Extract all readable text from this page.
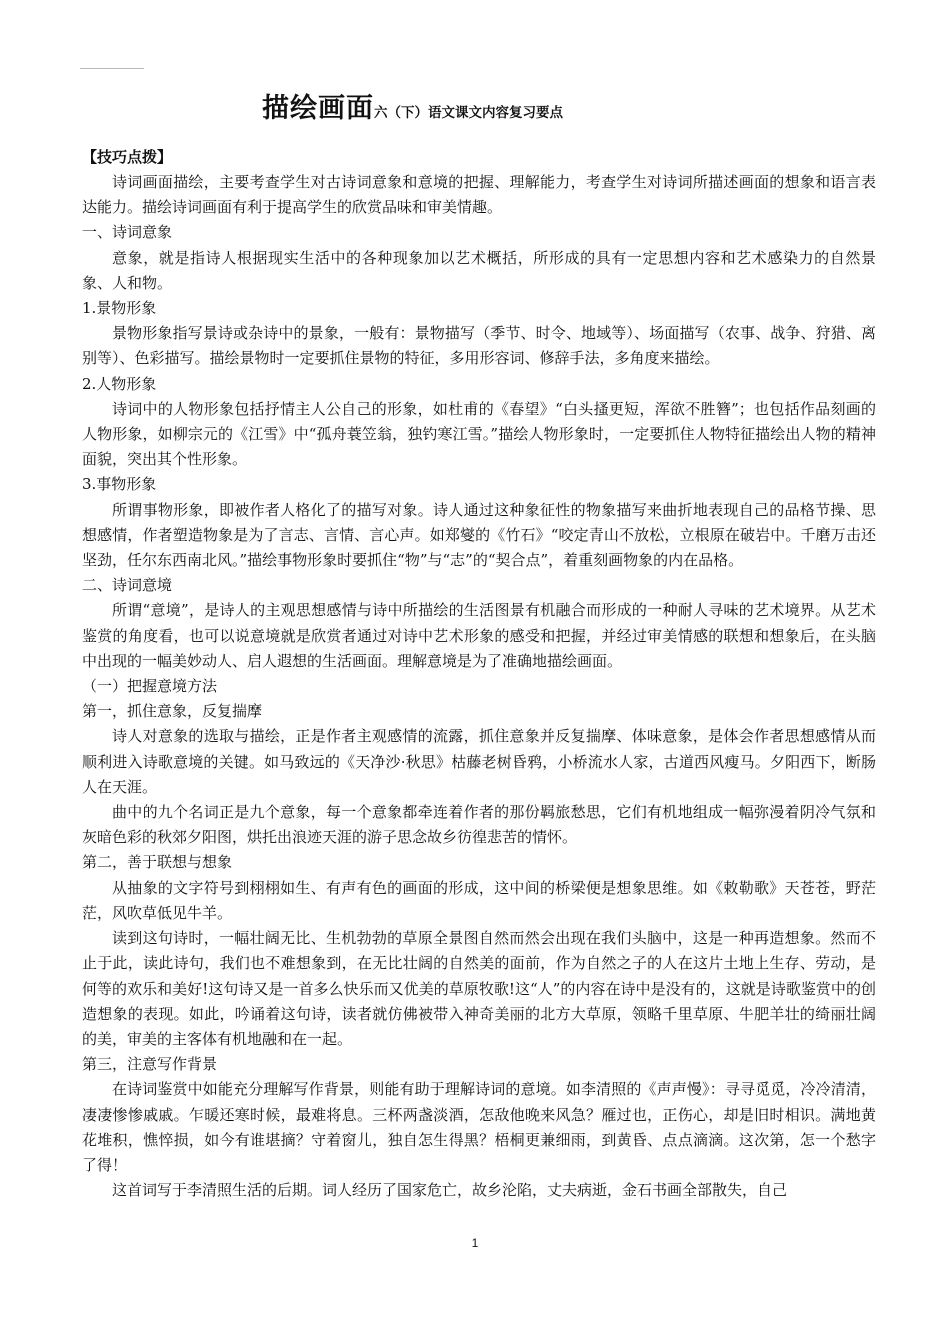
描绘画面六（下）语文课文内容复习要点
【技巧点拨】

诗词画面描绘，主要考查学生对古诗词意象和意境的把握、理解能力，考查学生对诗词所描述画面的想象和语言表达能力。描绘诗词画面有利于提高学生的欣赏品味和审美情趣。

一、诗词意象

意象，就是指诗人根据现实生活中的各种现象加以艺术概括，所形成的具有一定思想内容和艺术感染力的自然景象、人和物。

1.景物形象

景物形象指写景诗或杂诗中的景象，一般有：景物描写（季节、时令、地域等）、场面描写（农事、战争、狩猎、离别等）、色彩描写。描绘景物时一定要抓住景物的特征，多用形容词、修辞手法，多角度来描绘。

2.人物形象

诗词中的人物形象包括抒情主人公自己的形象，如杜甫的《春望》“白头搔更短，浑欲不胜簪”；也包括作品刻画的人物形象，如柳宗元的《江雪》中“孤舟蓑笠翁，独钓寒江雪。”描绘人物形象时，一定要抓住人物特征描绘出人物的精神面貌，突出其个性形象。

3.事物形象

所谓事物形象，即被作者人格化了的描写对象。诗人通过这种象征性的物象描写来曲折地表现自己的品格节操、思想感情，作者塑造物象是为了言志、言情、言心声。如郑燮的《竹石》“咬定青山不放松，立根原在破岩中。千磨万击还坚劲，任尔东西南北风。”描绘事物形象时要抓住“物”与“志”的“契合点”，着重刻画物象的内在品格。

二、诗词意境

所谓“意境”，是诗人的主观思想感情与诗中所描绘的生活图景有机融合而形成的一种耐人寻味的艺术境界。从艺术鉴赏的角度看，也可以说意境就是欣赏者通过对诗中艺术形象的感受和把握，并经过审美情感的联想和想象后，在头脑中出现的一幅美妙动人、启人遐想的生活画面。理解意境是为了准确地描绘画面。

（一）把握意境方法

第一，抓住意象，反复揣摩

诗人对意象的选取与描绘，正是作者主观感情的流露，抓住意象并反复揣摩、体味意象，是体会作者思想感情从而顺利进入诗歌意境的关键。如马致远的《天净沙·秋思》枯藤老树昏鸦，小桥流水人家，古道西风瘦马。夕阳西下，断肠人在天涯。

曲中的九个名词正是九个意象，每一个意象都牵连着作者的那份羁旅愁思，它们有机地组成一幅弥漫着阴冷气氛和灰暗色彩的秋郊夕阳图，烘托出浪迹天涯的游子思念故乡彷徨悲苦的情怀。

第二，善于联想与想象

从抽象的文字符号到栩栩如生、有声有色的画面的形成，这中间的桥梁便是想象思维。如《敕勒歌》天苍苍，野茫茫，风吹草低见牛羊。

读到这句诗时，一幅壮阔无比、生机勃勃的草原全景图自然而然会出现在我们头脑中，这是一种再造想象。然而不止于此，读此诗句，我们也不难想象到，在无比壮阔的自然美的面前，作为自然之子的人在这片土地上生存、劳动，是何等的欢乐和美好!这句诗又是一首多么快乐而又优美的草原牧歌!这“人”的内容在诗中是没有的，这就是诗歌鉴赏中的创造想象的表现。如此，吟诵着这句诗，读者就仿佛被带入神奇美丽的北方大草原，领略千里草原、牛肥羊壮的绮丽壮阔的美，审美的主客体有机地融和在一起。

第三，注意写作背景

在诗词鉴赏中如能充分理解写作背景，则能有助于理解诗词的意境。如李清照的《声声慢》：寻寻觅觅，冷冷清清，凄凄惨惨戚戚。乍暖还寒时候，最难将息。三杯两盏淡酒，怎敌他晚来风急？雁过也，正伤心，却是旧时相识。满地黄花堆积，憔悴损，如今有谁堪摘？守着窗儿，独自怎生得黑？梧桐更兼细雨，到黄昏、点点滴滴。这次第，怎一个愁字了得！

这首词写于李清照生活的后期。词人经历了国家危亡，故乡沦陷，丈夫病逝，金石书画全部散失，自己

1
